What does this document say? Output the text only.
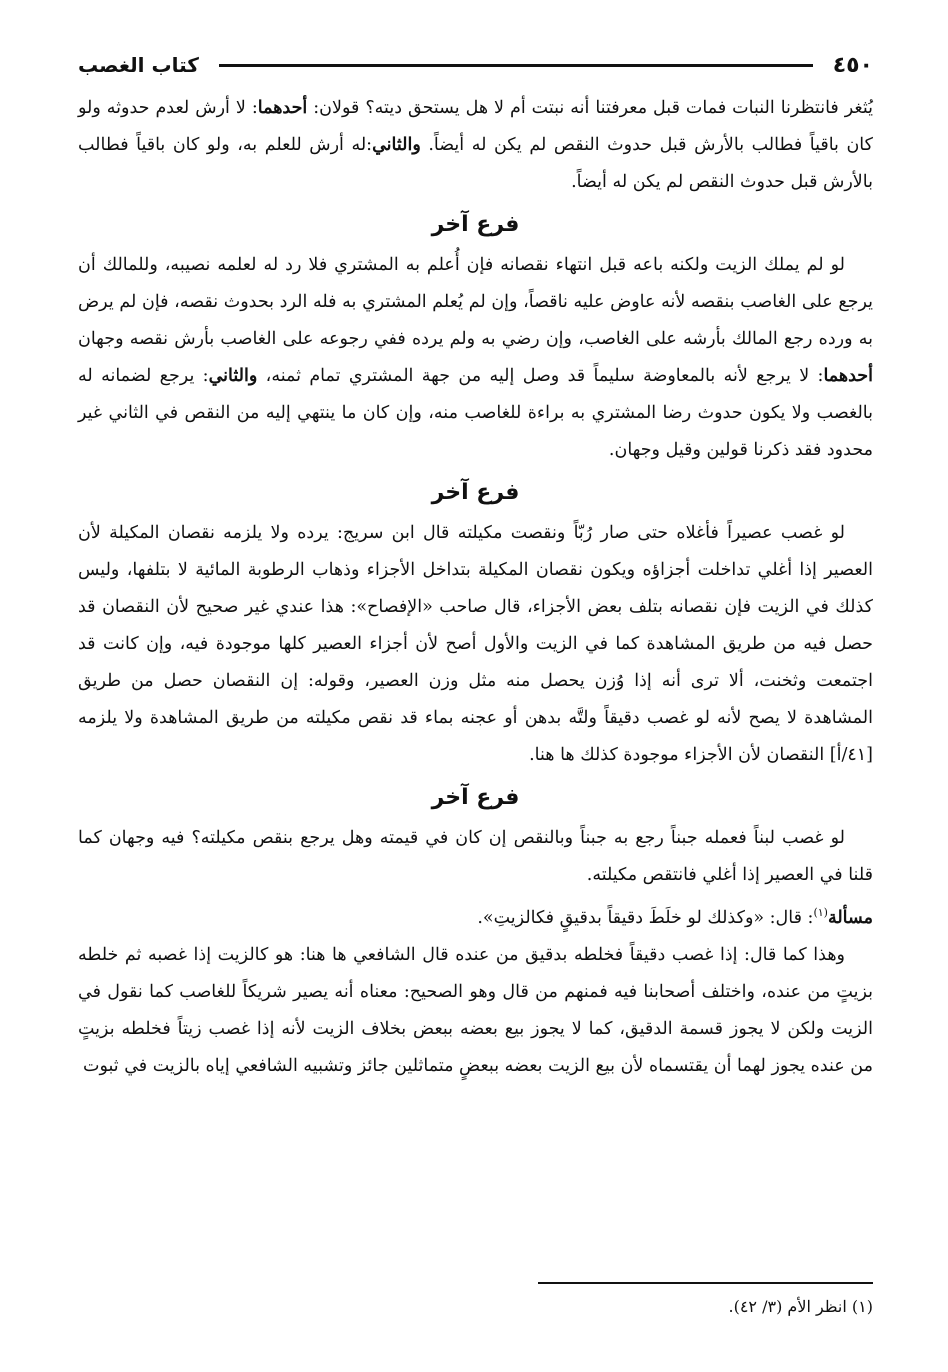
٤٥٠
كتاب الغصب

يُثغر فانتظرنا النبات فمات قبل معرفتنا أنه نبتت أم لا هل يستحق ديته؟ قولان: أحدهما: لا أرش لعدم حدوثه ولو كان باقياً فطالب بالأرش قبل حدوث النقص لم يكن له أيضاً. والثاني:له أرش للعلم به، ولو كان باقياً فطالب بالأرش قبل حدوث النقص لم يكن له أيضاً.

فرع آخر

لو لم يملك الزيت ولكنه باعه قبل انتهاء نقصانه فإن أُعلم به المشتري فلا رد له لعلمه نصيبه، وللمالك أن يرجع على الغاصب بنقصه لأنه عاوض عليه ناقصاً، وإن لم يُعلم المشتري به فله الرد بحدوث نقصه، فإن لم يرض به ورده رجع المالك بأرشه على الغاصب، وإن رضي به ولم يرده ففي رجوعه على الغاصب بأرش نقصه وجهان أحدهما: لا يرجع لأنه بالمعاوضة سليماً قد وصل إليه من جهة المشتري تمام ثمنه، والثاني: يرجع لضمانه له بالغصب ولا يكون حدوث رضا المشتري به براءة للغاصب منه، وإن كان ما ينتهي إليه من النقص في الثاني غير محدود فقد ذكرنا قولين وقيل وجهان.

فرع آخر

لو غصب عصيراً فأغلاه حتى صار رُبّاً ونقصت مكيلته قال ابن سريج: يرده ولا يلزمه نقصان المكيلة لأن العصير إذا أغلي تداخلت أجزاؤه ويكون نقصان المكيلة بتداخل الأجزاء وذهاب الرطوبة المائية لا بتلفها، وليس كذلك في الزيت فإن نقصانه بتلف بعض الأجزاء، قال صاحب «الإفصاح»: هذا عندي غير صحيح لأن النقصان قد حصل فيه من طريق المشاهدة كما في الزيت والأول أصح لأن أجزاء العصير كلها موجودة فيه، وإن كانت قد اجتمعت وثخنت، ألا ترى أنه إذا وُزن يحصل منه مثل وزن العصير، وقوله: إن النقصان حصل من طريق المشاهدة لا يصح لأنه لو غصب دقيقاً ولتَّه بدهن أو عجنه بماء قد نقص مكيلته من طريق المشاهدة ولا يلزمه [٤١/أ] النقصان لأن الأجزاء موجودة كذلك ها هنا.

فرع آخر

لو غصب لبناً فعمله جبناً رجع به جبناً وبالنقص إن كان في قيمته وهل يرجع بنقص مكيلته؟ فيه وجهان كما قلنا في العصير إذا أغلي فانتقص مكيلته.

مسألة$^{(١)}$: قال: «وكذلك لو خلَطَ دقيقاً بدقيقٍ فكالزيتِ».

وهذا كما قال: إذا غصب دقيقاً فخلطه بدقيق من عنده قال الشافعي ها هنا: هو كالزيت إذا غصبه ثم خلطه بزيتٍ من عنده، واختلف أصحابنا فيه فمنهم من قال وهو الصحيح: معناه أنه يصير شريكاً للغاصب كما نقول في الزيت ولكن لا يجوز قسمة الدقيق، كما لا يجوز بيع بعضه ببعض بخلاف الزيت لأنه إذا غصب زيتاً فخلطه بزيتٍ من عنده يجوز لهما أن يقتسماه لأن بيع الزيت بعضه ببعضٍ متماثلين جائز وتشبيه الشافعي إياه بالزيت في ثبوت

(١) انظر الأم (٣/ ٤٢).
